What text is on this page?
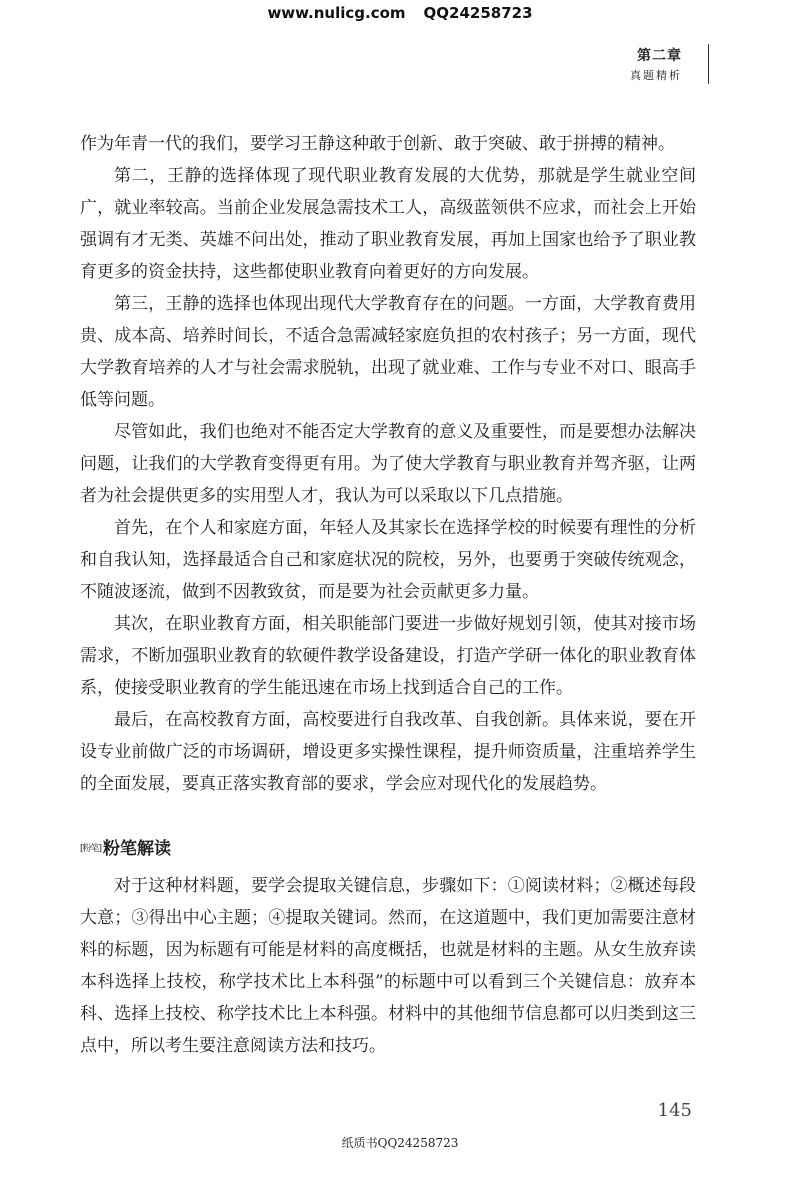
www.nulicg.com QQ24258723
第二章
真题精析

作为年青一代的我们，要学习王静这种敢于创新、敢于突破、敢于拼搏的精神。

第二，王静的选择体现了现代职业教育发展的大优势，那就是学生就业空间广，就业率较高。当前企业发展急需技术工人，高级蓝领供不应求，而社会上开始强调有才无类、英雄不问出处，推动了职业教育发展，再加上国家也给予了职业教育更多的资金扶持，这些都使职业教育向着更好的方向发展。

第三，王静的选择也体现出现代大学教育存在的问题。一方面，大学教育费用贵、成本高、培养时间长，不适合急需减轻家庭负担的农村孩子；另一方面，现代大学教育培养的人才与社会需求脱轨，出现了就业难、工作与专业不对口、眼高手低等问题。

尽管如此，我们也绝对不能否定大学教育的意义及重要性，而是要想办法解决问题，让我们的大学教育变得更有用。为了使大学教育与职业教育并驾齐驱，让两者为社会提供更多的实用型人才，我认为可以采取以下几点措施。

首先，在个人和家庭方面，年轻人及其家长在选择学校的时候要有理性的分析和自我认知，选择最适合自己和家庭状况的院校，另外，也要勇于突破传统观念，不随波逐流，做到不因教致贫，而是要为社会贡献更多力量。

其次，在职业教育方面，相关职能部门要进一步做好规划引领，使其对接市场需求，不断加强职业教育的软硬件教学设备建设，打造产学研一体化的职业教育体系，使接受职业教育的学生能迅速在市场上找到适合自己的工作。

最后，在高校教育方面，高校要进行自我改革、自我创新。具体来说，要在开设专业前做广泛的市场调研，增设更多实操性课程，提升师资质量，注重培养学生的全面发展，要真正落实教育部的要求，学会应对现代化的发展趋势。

[粉笔] 粉笔解读

对于这种材料题，要学会提取关键信息，步骤如下：①阅读材料；②概述每段大意；③得出中心主题；④提取关键词。然而，在这道题中，我们更加需要注意材料的标题，因为标题有可能是材料的高度概括，也就是材料的主题。从女生放弃读本科选择上技校，称学技术比上本科强”的标题中可以看到三个关键信息：放弃本科、选择上技校、称学技术比上本科强。材料中的其他细节信息都可以归类到这三点中，所以考生要注意阅读方法和技巧。

145
纸质书QQ24258723
